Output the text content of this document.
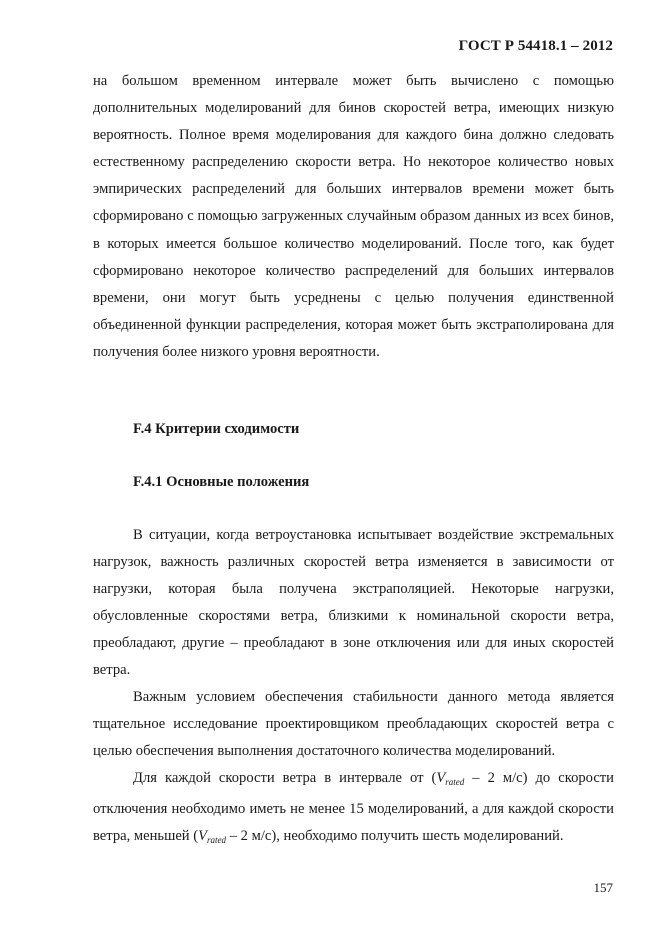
ГОСТ Р 54418.1 – 2012

на большом временном интервале может быть вычислено с помощью дополнительных моделирований для бинов скоростей ветра, имеющих низкую вероятность. Полное время моделирования для каждого бина должно следовать естественному распределению скорости ветра. Но некоторое количество новых эмпирических распределений для больших интервалов времени может быть сформировано с помощью загруженных случайным образом данных из всех бинов, в которых имеется большое количество моделирований. После того, как будет сформировано некоторое количество распределений для больших интервалов времени, они могут быть усреднены с целью получения единственной объединенной функции распределения, которая может быть экстраполирована для получения более низкого уровня вероятности.

F.4 Критерии сходимости
F.4.1 Основные положения

В ситуации, когда ветроустановка испытывает воздействие экстремальных нагрузок, важность различных скоростей ветра изменяется в зависимости от нагрузки, которая была получена экстраполяцией. Некоторые нагрузки, обусловленные скоростями ветра, близкими к номинальной скорости ветра, преобладают, другие – преобладают в зоне отключения или для иных скоростей ветра.

Важным условием обеспечения стабильности данного метода является тщательное исследование проектировщиком преобладающих скоростей ветра с целью обеспечения выполнения достаточного количества моделирований.

Для каждой скорости ветра в интервале от ($V_{rated} - 2$ м/с) до скорости отключения необходимо иметь не менее 15 моделирований, а для каждой скорости ветра, меньшей ($V_{rated} - 2$ м/с), необходимо получить шесть моделирований.

157
